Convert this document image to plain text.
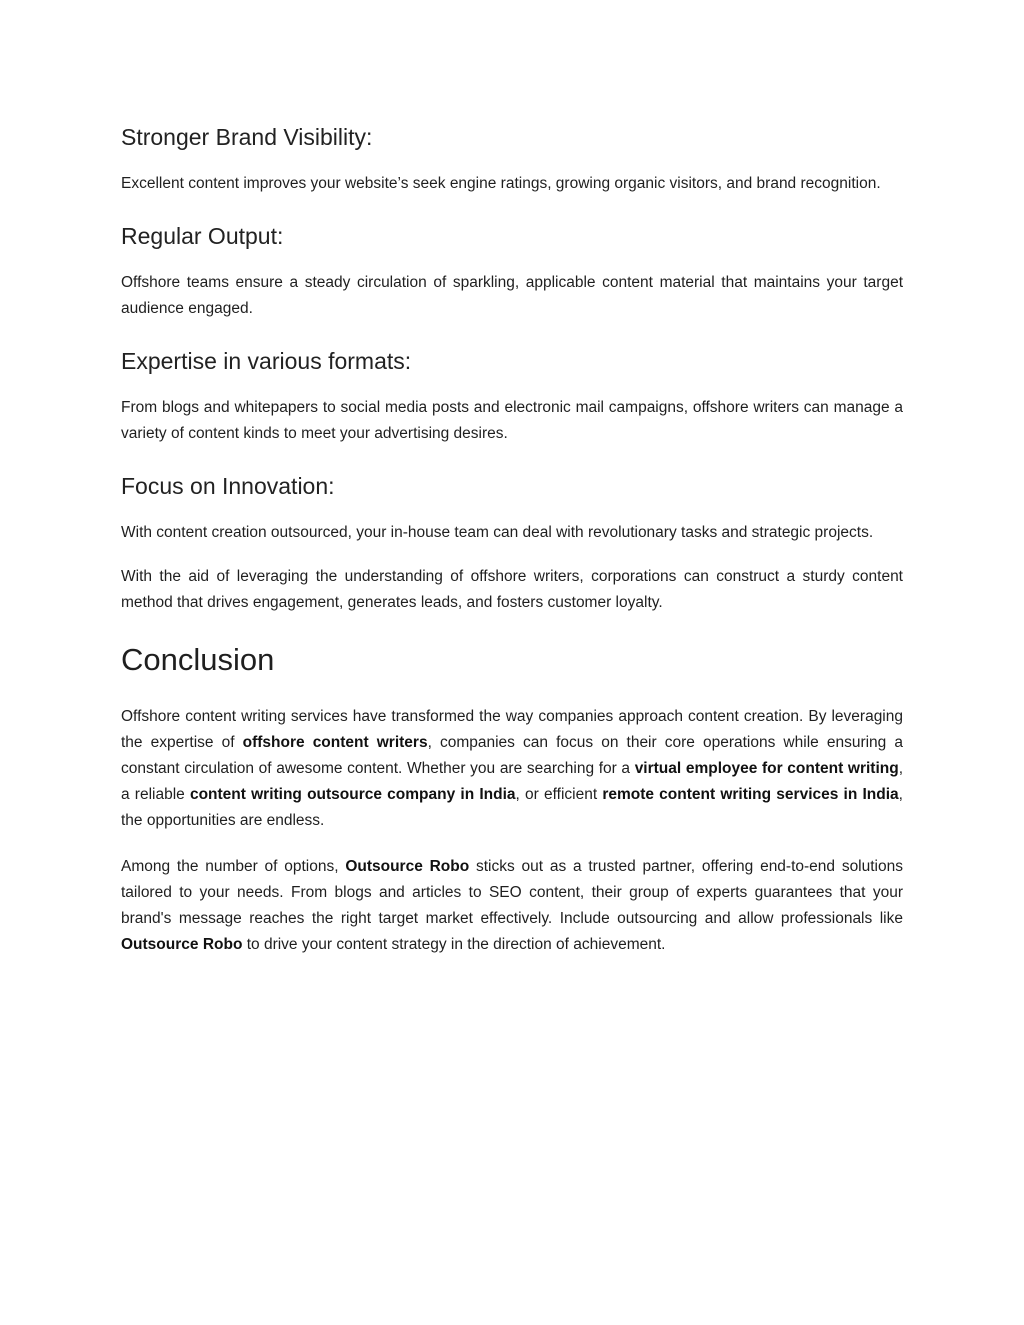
Stronger Brand Visibility:

Excellent content improves your website’s seek engine ratings, growing organic visitors, and brand recognition.

Regular Output:

Offshore teams ensure a steady circulation of sparkling, applicable content material that maintains your target audience engaged.

Expertise in various formats:

From blogs and whitepapers to social media posts and electronic mail campaigns, offshore writers can manage a variety of content kinds to meet your advertising desires.

Focus on Innovation:

With content creation outsourced, your in-house team can deal with revolutionary tasks and strategic projects.

With the aid of leveraging the understanding of offshore writers, corporations can construct a sturdy content method that drives engagement, generates leads, and fosters customer loyalty.

Conclusion

Offshore content writing services have transformed the way companies approach content creation. By leveraging the expertise of offshore content writers, companies can focus on their core operations while ensuring a constant circulation of awesome content. Whether you are searching for a virtual employee for content writing, a reliable content writing outsource company in India, or efficient remote content writing services in India, the opportunities are endless.

Among the number of options, Outsource Robo sticks out as a trusted partner, offering end-to-end solutions tailored to your needs. From blogs and articles to SEO content, their group of experts guarantees that your brand's message reaches the right target market effectively. Include outsourcing and allow professionals like Outsource Robo to drive your content strategy in the direction of achievement.
